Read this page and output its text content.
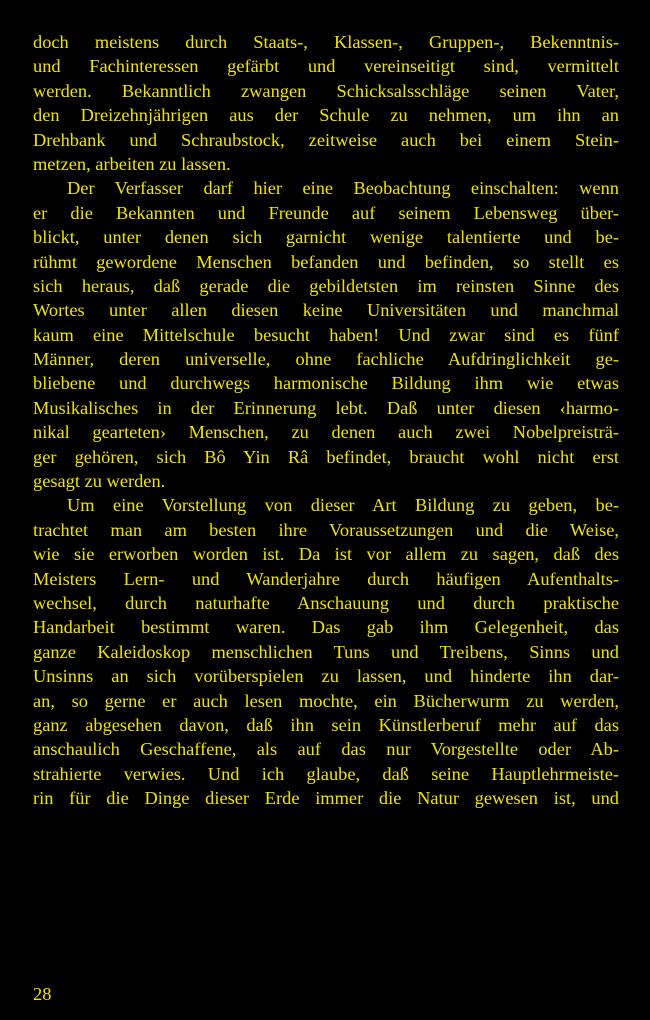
doch meistens durch Staats-, Klassen-, Gruppen-, Bekenntnis-
und Fachinteressen gefärbt und vereinseitigt sind, vermittelt
werden. Bekanntlich zwangen Schicksalsschläge seinen Vater,
den Dreizehnjährigen aus der Schule zu nehmen, um ihn an
Drehbank und Schraubstock, zeitweise auch bei einem Stein-
metzen, arbeiten zu lassen.
Der Verfasser darf hier eine Beobachtung einschalten: wenn
er die Bekannten und Freunde auf seinem Lebensweg über-
blickt, unter denen sich garnicht wenige talentierte und be-
rühmt gewordene Menschen befanden und befinden, so stellt es
sich heraus, daß gerade die gebildetsten im reinsten Sinne des
Wortes unter allen diesen keine Universitäten und manchmal
kaum eine Mittelschule besucht haben! Und zwar sind es fünf
Männer, deren universelle, ohne fachliche Aufdringlichkeit ge-
bliebene und durchwegs harmonische Bildung ihm wie etwas
Musikalisches in der Erinnerung lebt. Daß unter diesen ‹harmo-
nikal gearteten› Menschen, zu denen auch zwei Nobelpreisträ-
ger gehören, sich Bô Yin Râ befindet, braucht wohl nicht erst
gesagt zu werden.
Um eine Vorstellung von dieser Art Bildung zu geben, be-
trachtet man am besten ihre Voraussetzungen und die Weise,
wie sie erworben worden ist. Da ist vor allem zu sagen, daß des
Meisters Lern- und Wanderjahre durch häufigen Aufenthalts-
wechsel, durch naturhafte Anschauung und durch praktische
Handarbeit bestimmt waren. Das gab ihm Gelegenheit, das
ganze Kaleidoskop menschlichen Tuns und Treibens, Sinns und
Unsinns an sich vorüberspielen zu lassen, und hinderte ihn dar-
an, so gerne er auch lesen mochte, ein Bücherwurm zu werden,
ganz abgesehen davon, daß ihn sein Künstlerberuf mehr auf das
anschaulich Geschaffene, als auf das nur Vorgestellte oder Ab-
strahierte verwies. Und ich glaube, daß seine Hauptlehrmeiste-
rin für die Dinge dieser Erde immer die Natur gewesen ist, und
28
